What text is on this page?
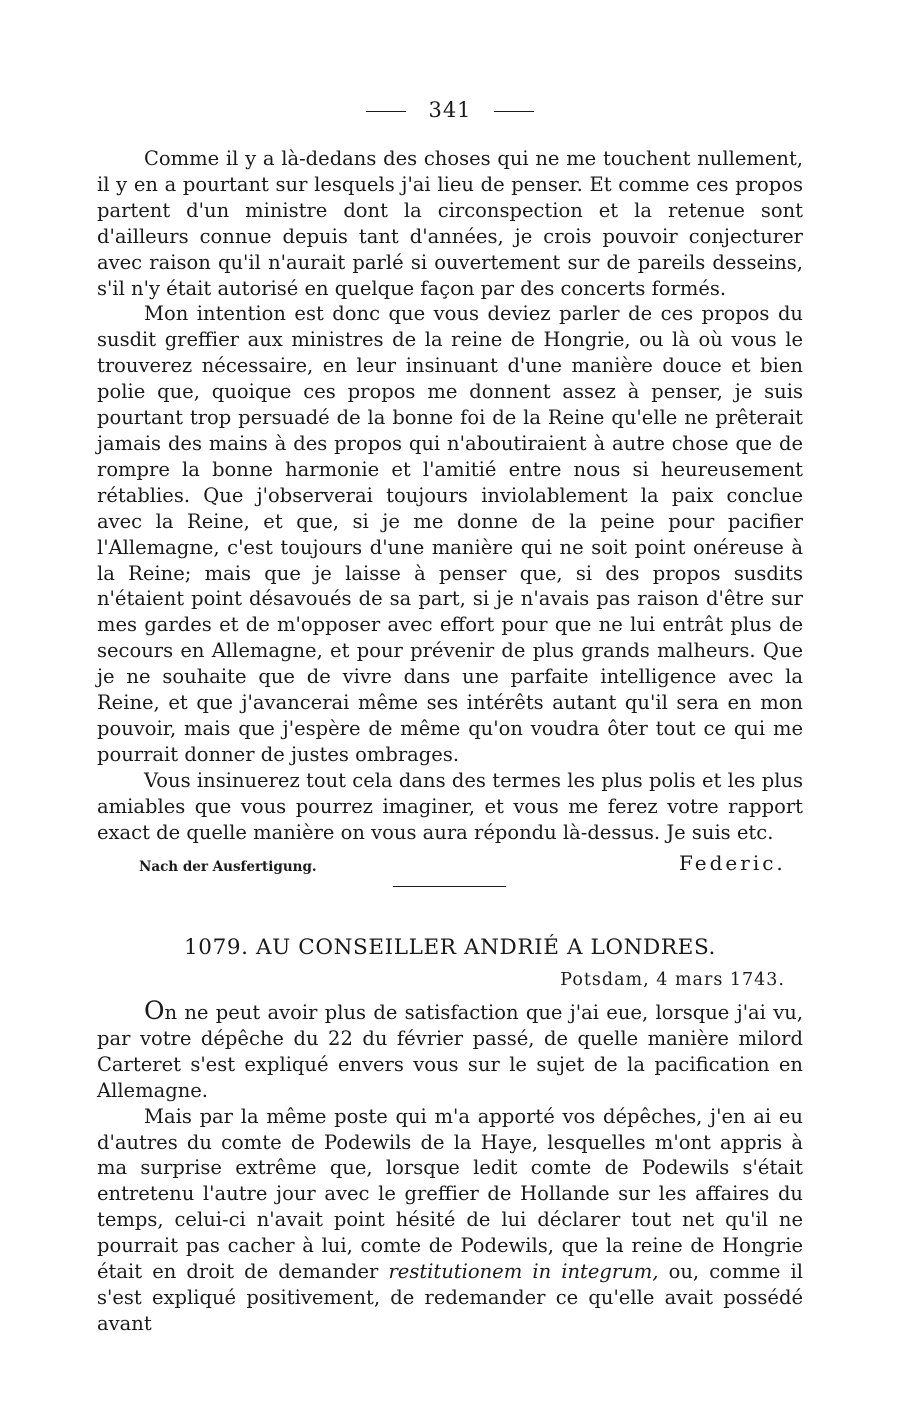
341

Comme il y a là-dedans des choses qui ne me touchent nullement, il y en a pourtant sur lesquels j'ai lieu de penser. Et comme ces propos partent d'un ministre dont la circonspection et la retenue sont d'ailleurs connue depuis tant d'années, je crois pouvoir conjecturer avec raison qu'il n'aurait parlé si ouvertement sur de pareils desseins, s'il n'y était autorisé en quelque façon par des concerts formés.

Mon intention est donc que vous deviez parler de ces propos du susdit greffier aux ministres de la reine de Hongrie, ou là où vous le trouverez nécessaire, en leur insinuant d'une manière douce et bien polie que, quoique ces propos me donnent assez à penser, je suis pourtant trop persuadé de la bonne foi de la Reine qu'elle ne prêterait jamais des mains à des propos qui n'aboutiraient à autre chose que de rompre la bonne harmonie et l'amitié entre nous si heureusement rétablies. Que j'observerai toujours inviolablement la paix conclue avec la Reine, et que, si je me donne de la peine pour pacifier l'Allemagne, c'est toujours d'une manière qui ne soit point onéreuse à la Reine; mais que je laisse à penser que, si des propos susdits n'étaient point désavoués de sa part, si je n'avais pas raison d'être sur mes gardes et de m'opposer avec effort pour que ne lui entrât plus de secours en Allemagne, et pour prévenir de plus grands malheurs. Que je ne souhaite que de vivre dans une parfaite intelligence avec la Reine, et que j'avancerai même ses intérêts autant qu'il sera en mon pouvoir, mais que j'espère de même qu'on voudra ôter tout ce qui me pourrait donner de justes ombrages.

Vous insinuerez tout cela dans des termes les plus polis et les plus amiables que vous pourrez imaginer, et vous me ferez votre rapport exact de quelle manière on vous aura répondu là-dessus. Je suis etc.

Nach der Ausfertigung.	Federic.
1079. AU CONSEILLER ANDRIÉ A LONDRES.
Potsdam, 4 mars 1743.

On ne peut avoir plus de satisfaction que j'ai eue, lorsque j'ai vu, par votre dépêche du 22 du février passé, de quelle manière milord Carteret s'est expliqué envers vous sur le sujet de la pacification en Allemagne.

Mais par la même poste qui m'a apporté vos dépêches, j'en ai eu d'autres du comte de Podewils de la Haye, lesquelles m'ont appris à ma surprise extrême que, lorsque ledit comte de Podewils s'était entretenu l'autre jour avec le greffier de Hollande sur les affaires du temps, celui-ci n'avait point hésité de lui déclarer tout net qu'il ne pourrait pas cacher à lui, comte de Podewils, que la reine de Hongrie était en droit de demander restitutionem in integrum, ou, comme il s'est expliqué positivement, de redemander ce qu'elle avait possédé avant
